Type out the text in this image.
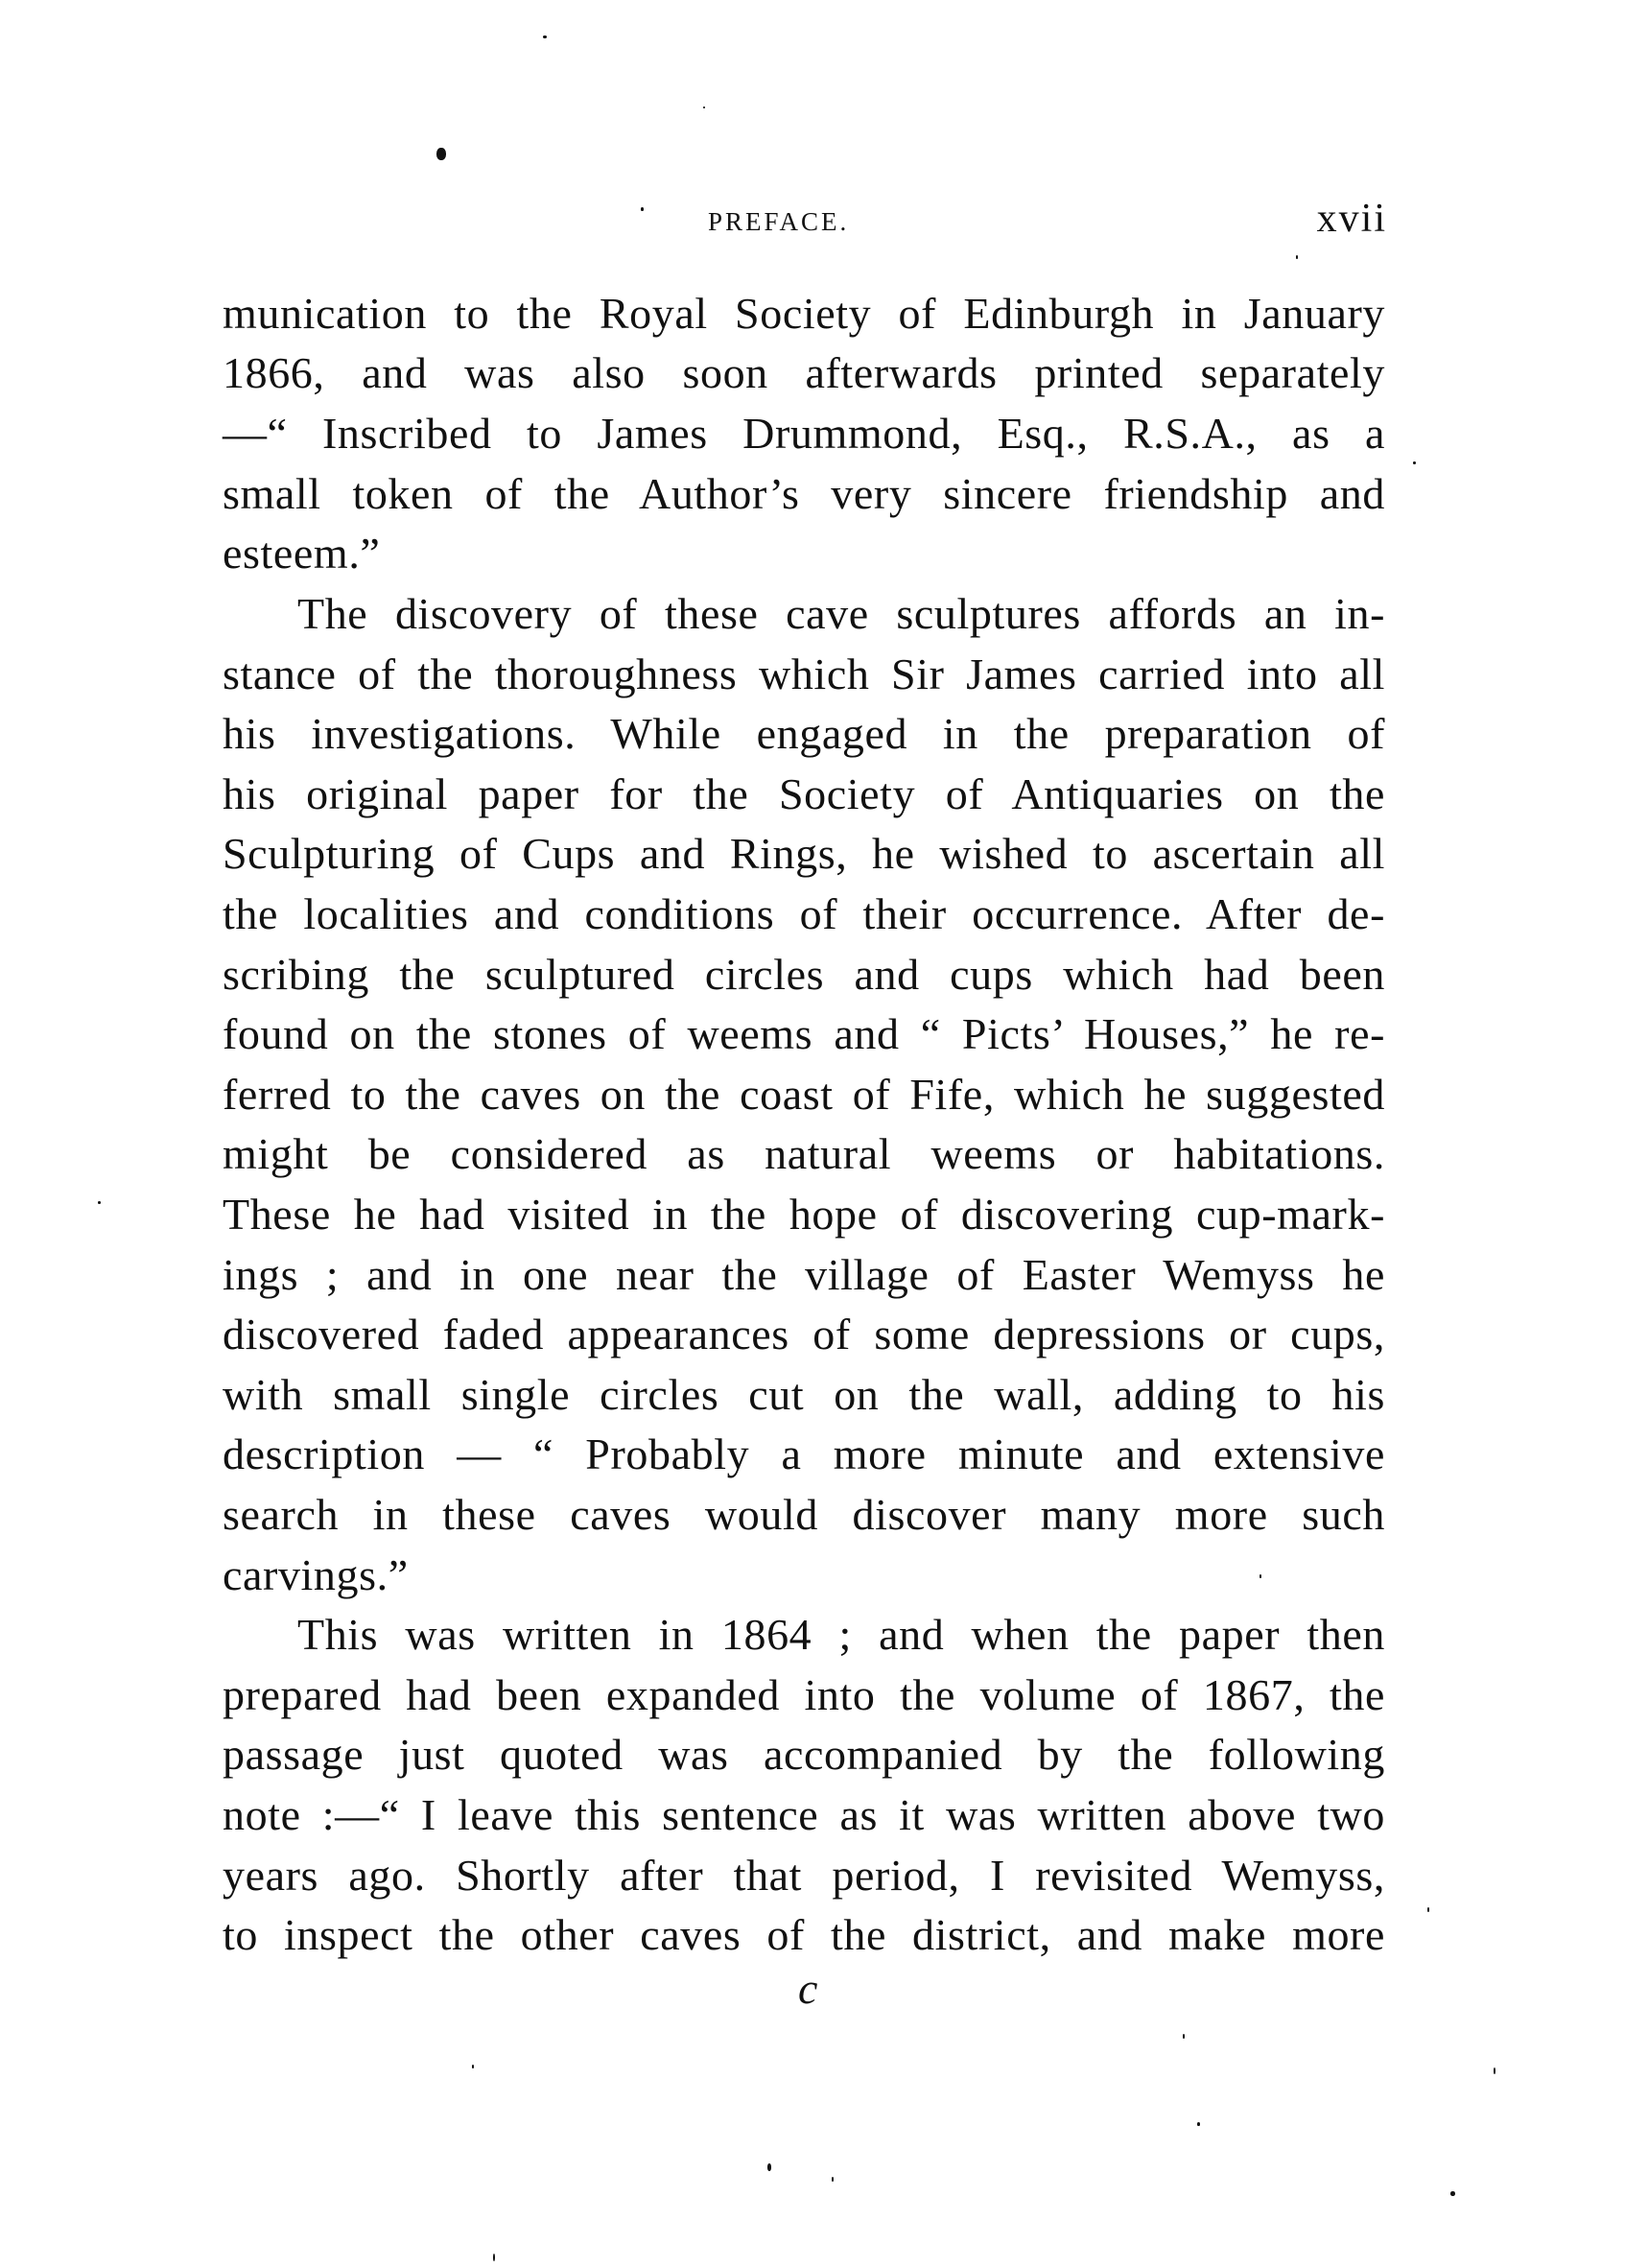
PREFACE.	xvii
munication to the Royal Society of Edinburgh in January
1866, and was also soon afterwards printed separately
—“ Inscribed to James Drummond, Esq., R.S.A., as a
small token of the Author’s very sincere friendship and
esteem.”
The discovery of these cave sculptures affords an in-
stance of the thoroughness which Sir James carried into all
his investigations. While engaged in the preparation of
his original paper for the Society of Antiquaries on the
Sculpturing of Cups and Rings, he wished to ascertain all
the localities and conditions of their occurrence. After de-
scribing the sculptured circles and cups which had been
found on the stones of weems and “ Picts’ Houses,” he re-
ferred to the caves on the coast of Fife, which he suggested
might be considered as natural weems or habitations.
These he had visited in the hope of discovering cup-mark-
ings ; and in one near the village of Easter Wemyss he
discovered faded appearances of some depressions or cups,
with small single circles cut on the wall, adding to his
description — “ Probably a more minute and extensive
search in these caves would discover many more such
carvings.”
This was written in 1864 ; and when the paper then
prepared had been expanded into the volume of 1867, the
passage just quoted was accompanied by the following
note :—“ I leave this sentence as it was written above two
years ago. Shortly after that period, I revisited Wemyss,
to inspect the other caves of the district, and make more
c
